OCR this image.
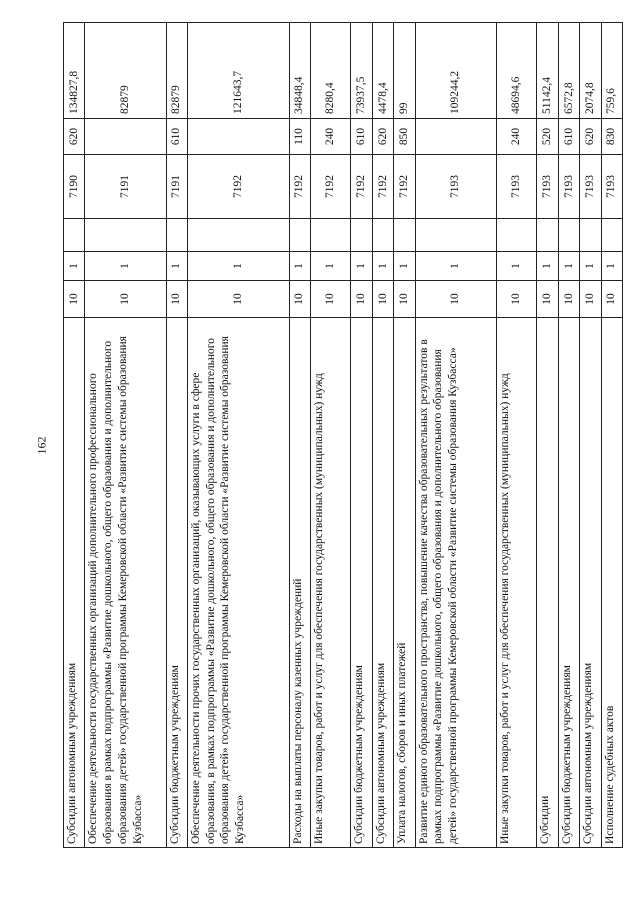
162
Субсидии автономным учреждениям	10	1		7190	620	134827,8
Обеспечение деятельности государственных организаций дополнительного профессионального образования в рамках подпрограммы «Развитие дошкольного, общего образования и дополнительного образования детей» государственной программы Кемеровской области «Развитие системы образования Кузбасса»	10	1		7191		82879
Субсидии бюджетным учреждениям	10	1		7191	610	82879
Обеспечение деятельности прочих государственных организаций, оказывающих услуги в сфере образования, в рамках подпрограммы «Развитие дошкольного, общего образования и дополнительного образования детей» государственной программы Кемеровской области «Развитие системы образования Кузбасса»	10	1		7192		121643,7
Расходы на выплаты персоналу казенных учреждений	10	1		7192	110	34848,4
Иные закупки товаров, работ и услуг для обеспечения государственных (муниципальных) нужд	10	1		7192	240	8280,4
Субсидии бюджетным учреждениям	10	1		7192	610	73937,5
Субсидии автономным учреждениям	10	1		7192	620	4478,4
Уплата налогов, сборов и иных платежей	10	1		7192	850	99
Развитие единого образовательного пространства, повышение качества образовательных результатов в рамках подпрограммы «Развитие дошкольного, общего образования и дополнительного образования детей» государственной программы Кемеровской области «Развитие системы образования Кузбасса»	10	1		7193		109244,2
Иные закупки товаров, работ и услуг для обеспечения государственных (муниципальных) нужд	10	1		7193	240	48694,6
Субсидии	10	1		7193	520	51142,4
Субсидии бюджетным учреждениям	10	1		7193	610	6572,8
Субсидии автономным учреждениям	10	1		7193	620	2074,8
Исполнение судебных актов	10	1		7193	830	759,6
